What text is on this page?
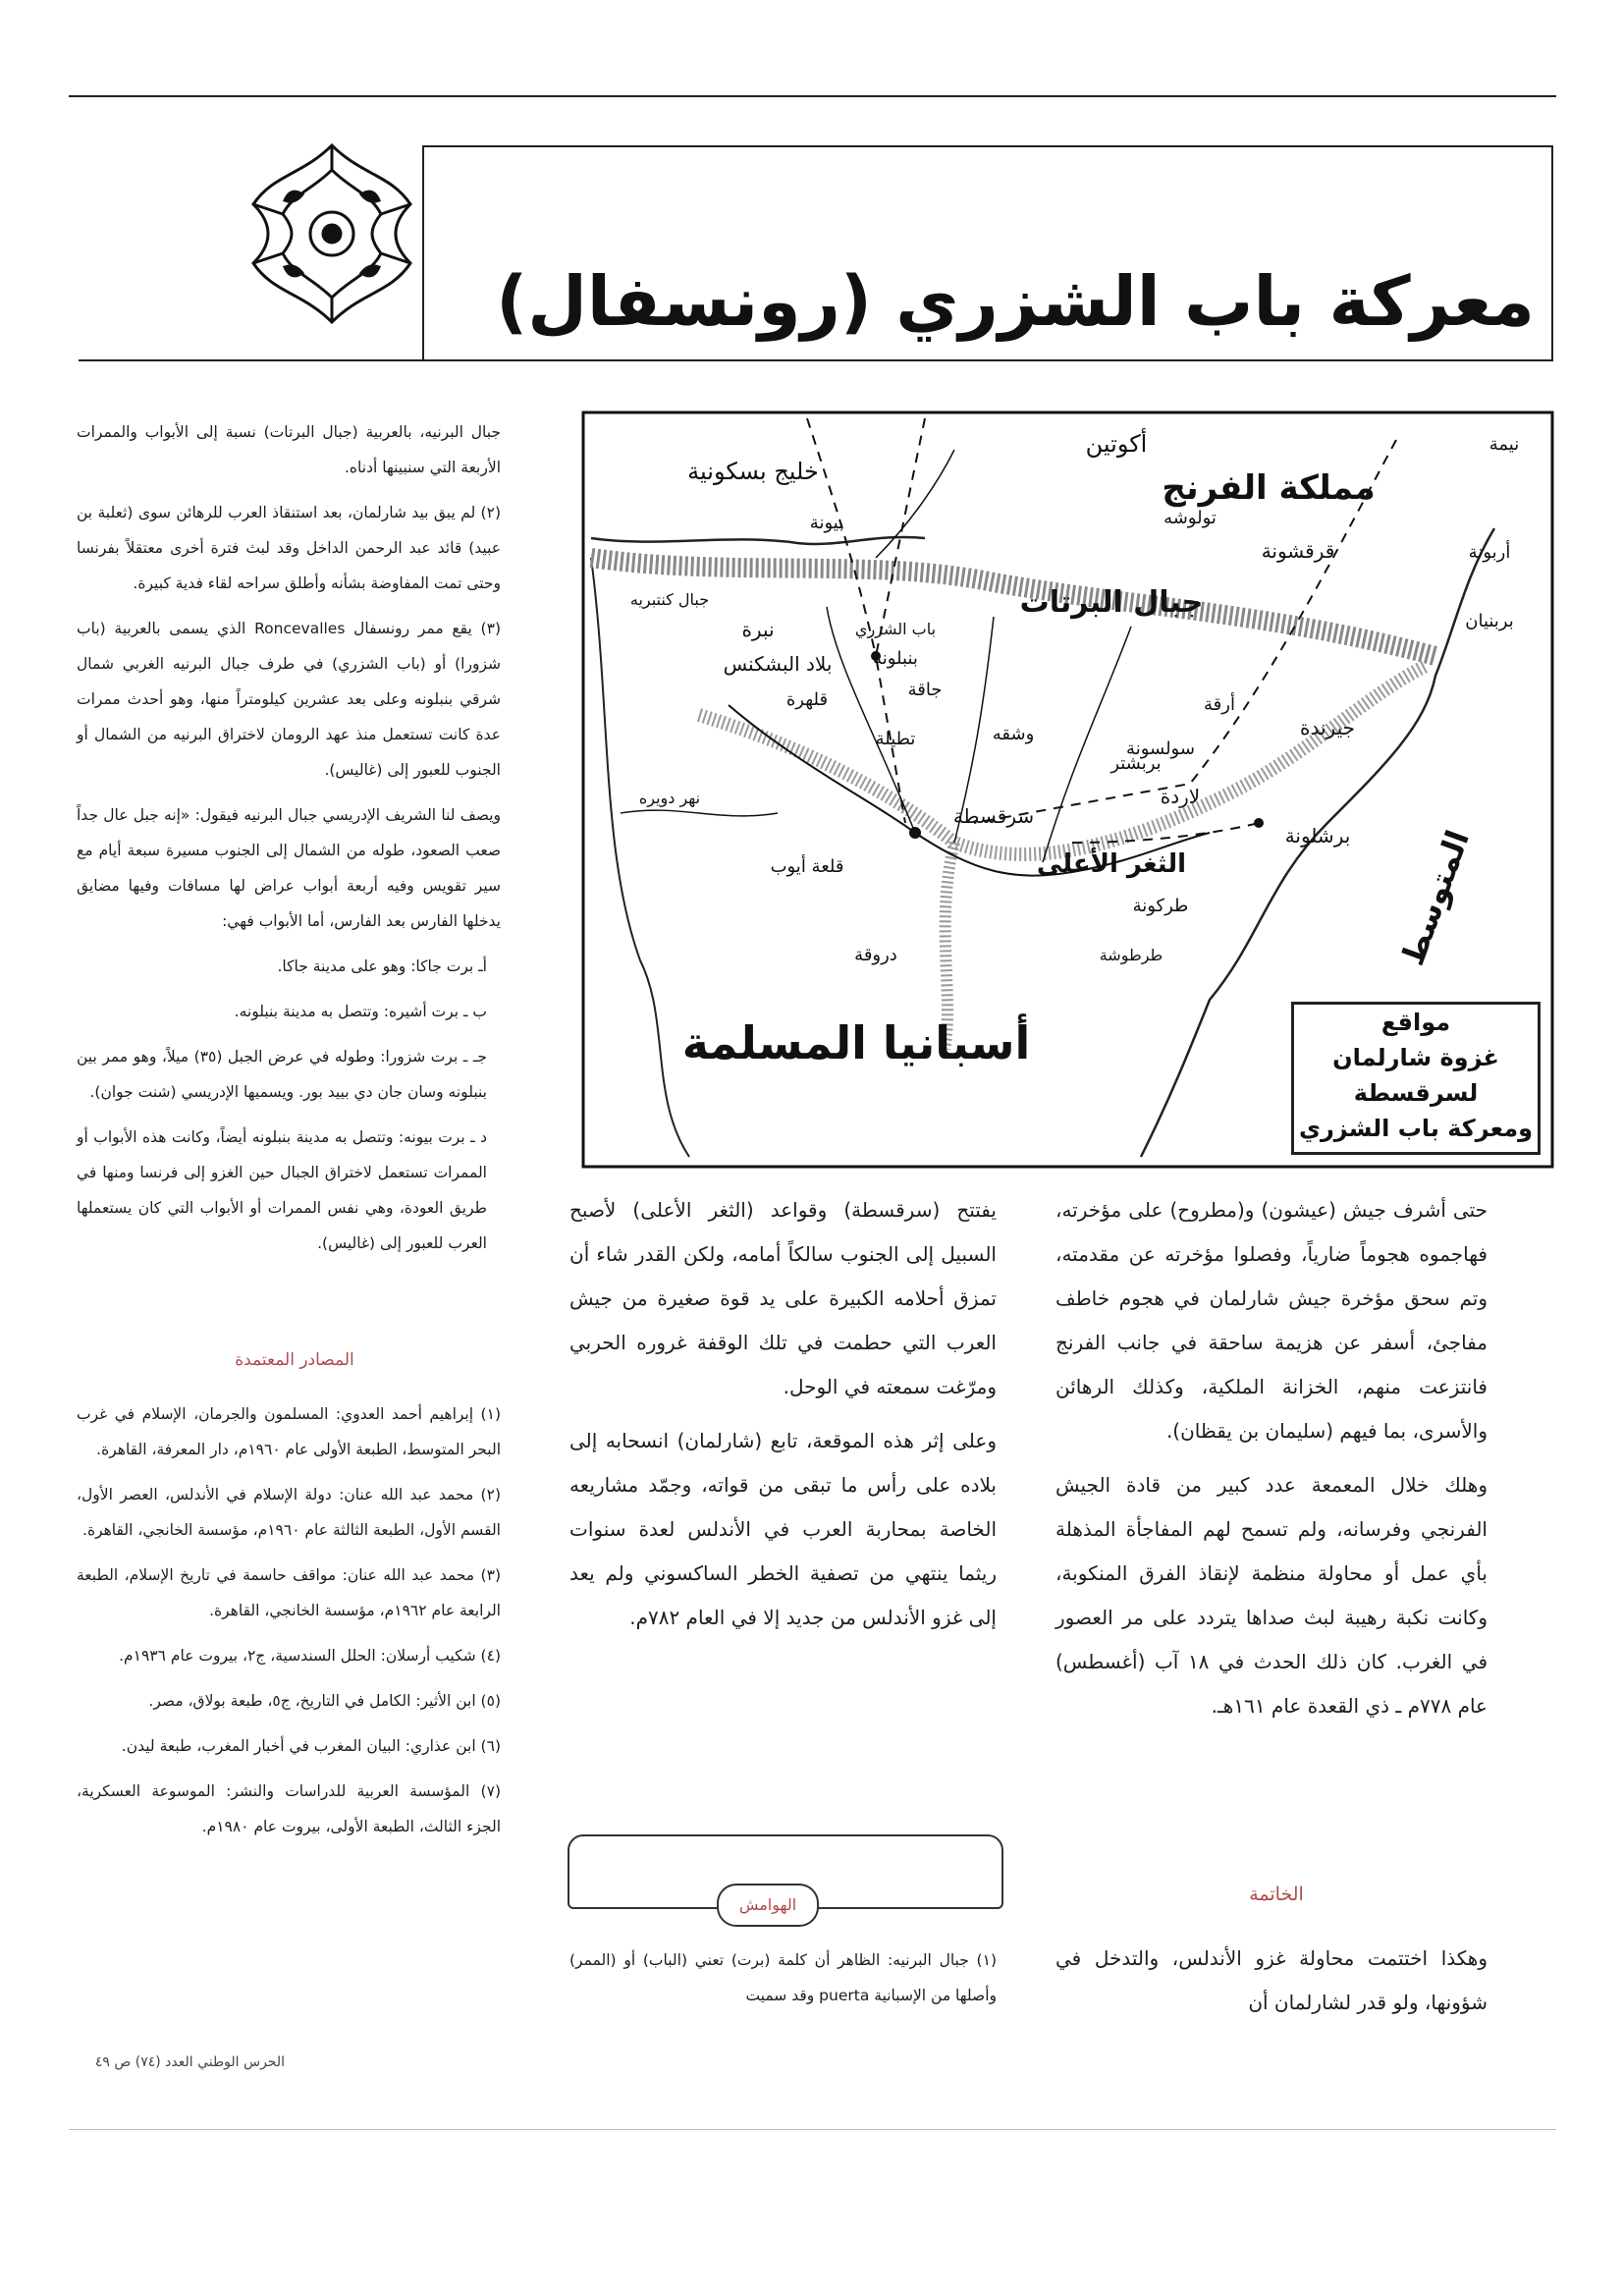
معركة باب الشزري (رونسفال)
مملكة الفرنج
أكوتين
خليج بسكونية
نيمة
تولوشه
قرقشونة	أربونة
بربنيان
بيونة
جبال البرتات
جبال كنتبريه
باب الشزري
بنبلونة
نبرة
بلاد البشكنس
جاقة
قلهرة
تطيلة	وشقه
بربشتر
لاردة
سرقسطة
الثغر الأعلى
قلعة أيوب
دروقة
طركونة
طرطوشة
برشلونة
جيرندة
أرقة
سولسونة
نهر دويره
المتوسط
أسبانيا المسلمة	مواقع
غزوة شارلمان لسرقسطة
ومعركة باب الشزري

حتى أشرف جيش (عيشون) و(مطروح) على مؤخرته، فهاجموه هجوماً ضارياً، وفصلوا مؤخرته عن مقدمته، وتم سحق مؤخرة جيش شارلمان في هجوم خاطف مفاجئ، أسفر عن هزيمة ساحقة في جانب الفرنج فانتزعت منهم، الخزانة الملكية، وكذلك الرهائن والأسرى، بما فيهم (سليمان بن يقظان).

وهلك خلال المعمعة عدد كبير من قادة الجيش الفرنجي وفرسانه، ولم تسمح لهم المفاجأة المذهلة بأي عمل أو محاولة منظمة لإنقاذ الفرق المنكوبة، وكانت نكبة رهيبة لبث صداها يتردد على مر العصور في الغرب. كان ذلك الحدث في ١٨ آب (أغسطس) عام ٧٧٨م ـ ذي القعدة عام ١٦١هـ.

الخاتمة

وهكذا اختتمت محاولة غزو الأندلس، والتدخل في شؤونها، ولو قدر لشارلمان أن

يفتتح (سرقسطة) وقواعد (الثغر الأعلى) لأصبح السبيل إلى الجنوب سالكاً أمامه، ولكن القدر شاء أن تمزق أحلامه الكبيرة على يد قوة صغيرة من جيش العرب التي حطمت في تلك الوقفة غروره الحربي ومرّغت سمعته في الوحل.

وعلى إثر هذه الموقعة، تابع (شارلمان) انسحابه إلى بلاده على رأس ما تبقى من قواته، وجمّد مشاريعه الخاصة بمحاربة العرب في الأندلس لعدة سنوات ريثما ينتهي من تصفية الخطر الساكسوني ولم يعد إلى غزو الأندلس من جديد إلا في العام ٧٨٢م.

الهوامش

(١) جبال البرنيه: الظاهر أن كلمة (برت) تعني (الباب) أو (الممر) وأصلها من الإسبانية puerta وقد سميت

جبال البرنيه، بالعربية (جبال البرتات) نسبة إلى الأبواب والممرات الأربعة التي سنبينها أدناه.

(٢) لم يبق بيد شارلمان، بعد استنقاذ العرب للرهائن سوى (ثعلبة بن عبيد) قائد عبد الرحمن الداخل وقد لبث فترة أخرى معتقلاً بفرنسا وحتى تمت المفاوضة بشأنه وأطلق سراحه لقاء فدية كبيرة.

(٣) يقع ممر رونسفال Roncevalles الذي يسمى بالعربية (باب شزورا) أو (باب الشزري) في طرف جبال البرنيه الغربي شمال شرقي بنبلونه وعلى بعد عشرين كيلومتراً منها، وهو أحدث ممرات عدة كانت تستعمل منذ عهد الرومان لاختراق البرنيه من الشمال أو الجنوب للعبور إلى (غاليس).

ويصف لنا الشريف الإدريسي جبال البرنيه فيقول: «إنه جبل عال جداً صعب الصعود، طوله من الشمال إلى الجنوب مسيرة سبعة أيام مع سير تقويس وفيه أربعة أبواب عراض لها مسافات وفيها مضايق يدخلها الفارس بعد الفارس، أما الأبواب فهي:

أـ برت جاكا: وهو على مدينة جاكا.

ب ـ برت أشيره: وتتصل به مدينة بنبلونه.

جـ ـ برت شزورا: وطوله في عرض الجبل (٣٥) ميلاً، وهو ممر بين بنبلونه وسان جان دي بييد بور. ويسميها الإدريسي (شنت جوان).

د ـ برت بيونه: وتتصل به مدينة بنبلونه أيضاً، وكانت هذه الأبواب أو الممرات تستعمل لاختراق الجبال حين الغزو إلى فرنسا ومنها في طريق العودة، وهي نفس الممرات أو الأبواب التي كان يستعملها العرب للعبور إلى (غاليس).

المصادر المعتمدة

(١) إبراهيم أحمد العدوي: المسلمون والجرمان، الإسلام في غرب البحر المتوسط، الطبعة الأولى عام ١٩٦٠م، دار المعرفة، القاهرة.

(٢) محمد عبد الله عنان: دولة الإسلام في الأندلس، العصر الأول، القسم الأول، الطبعة الثالثة عام ١٩٦٠م، مؤسسة الخانجي، القاهرة.

(٣) محمد عبد الله عنان: مواقف حاسمة في تاريخ الإسلام، الطبعة الرابعة عام ١٩٦٢م، مؤسسة الخانجي، القاهرة.

(٤) شكيب أرسلان: الحلل السندسية، ج٢، بيروت عام ١٩٣٦م.

(٥) ابن الأثير: الكامل في التاريخ، ج٥، طبعة بولاق، مصر.

(٦) ابن عذاري: البيان المغرب في أخبار المغرب، طبعة ليدن.

(٧) المؤسسة العربية للدراسات والنشر: الموسوعة العسكرية، الجزء الثالث، الطبعة الأولى، بيروت عام ١٩٨٠م.

الحرس الوطني العدد (٧٤) ص ٤٩
